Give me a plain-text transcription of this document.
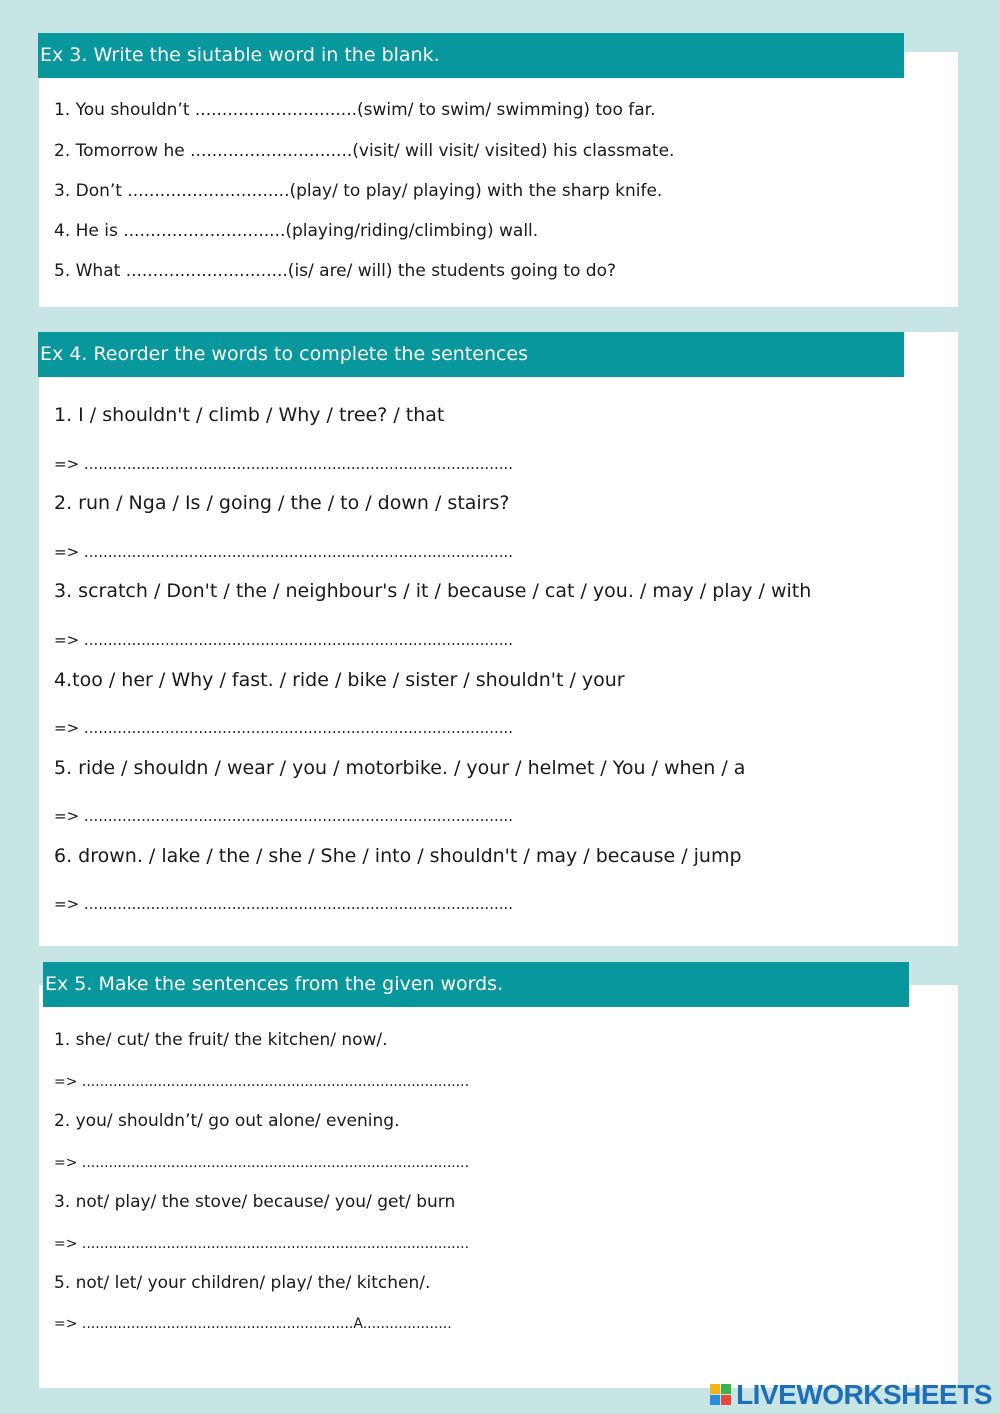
Ex 3. Write the siutable word in the blank.
1. You shouldn’t ..............................(swim/ to swim/ swimming) too far.
2. Tomorrow he ..............................(visit/ will visit/ visited) his classmate.
3. Don’t ..............................(play/ to play/ playing) with the sharp knife.
4. He is ..............................(playing/riding/climbing) wall.
5. What ..............................(is/ are/ will) the students going to do?
Ex 4. Reorder the words to complete the sentences
1. I / shouldn't / climb / Why / tree? / that
=> ..........................................................................................
2. run / Nga / Is / going / the / to / down / stairs?
=> ..........................................................................................
3. scratch / Don't / the / neighbour's / it / because / cat / you. / may / play / with
=> ..........................................................................................
4.too / her / Why / fast. / ride / bike / sister / shouldn't / your
=> ..........................................................................................
5. ride / shouldn / wear / you / motorbike. / your / helmet / You / when / a
=> ..........................................................................................
6. drown. / lake / the / she / She / into / shouldn't / may / because / jump
=> ..........................................................................................
Ex 5. Make the sentences from the given words.
1. she/ cut/ the fruit/ the kitchen/ now/.
=> .......................................................................................
2. you/ shouldn’t/ go out alone/ evening.
=> .......................................................................................
3. not/ play/ the stove/ because/ you/ get/ burn
=> .......................................................................................
5. not/ let/ your children/ play/ the/ kitchen/.
=> .............................................................A....................
LIVEWORKSHEETS
